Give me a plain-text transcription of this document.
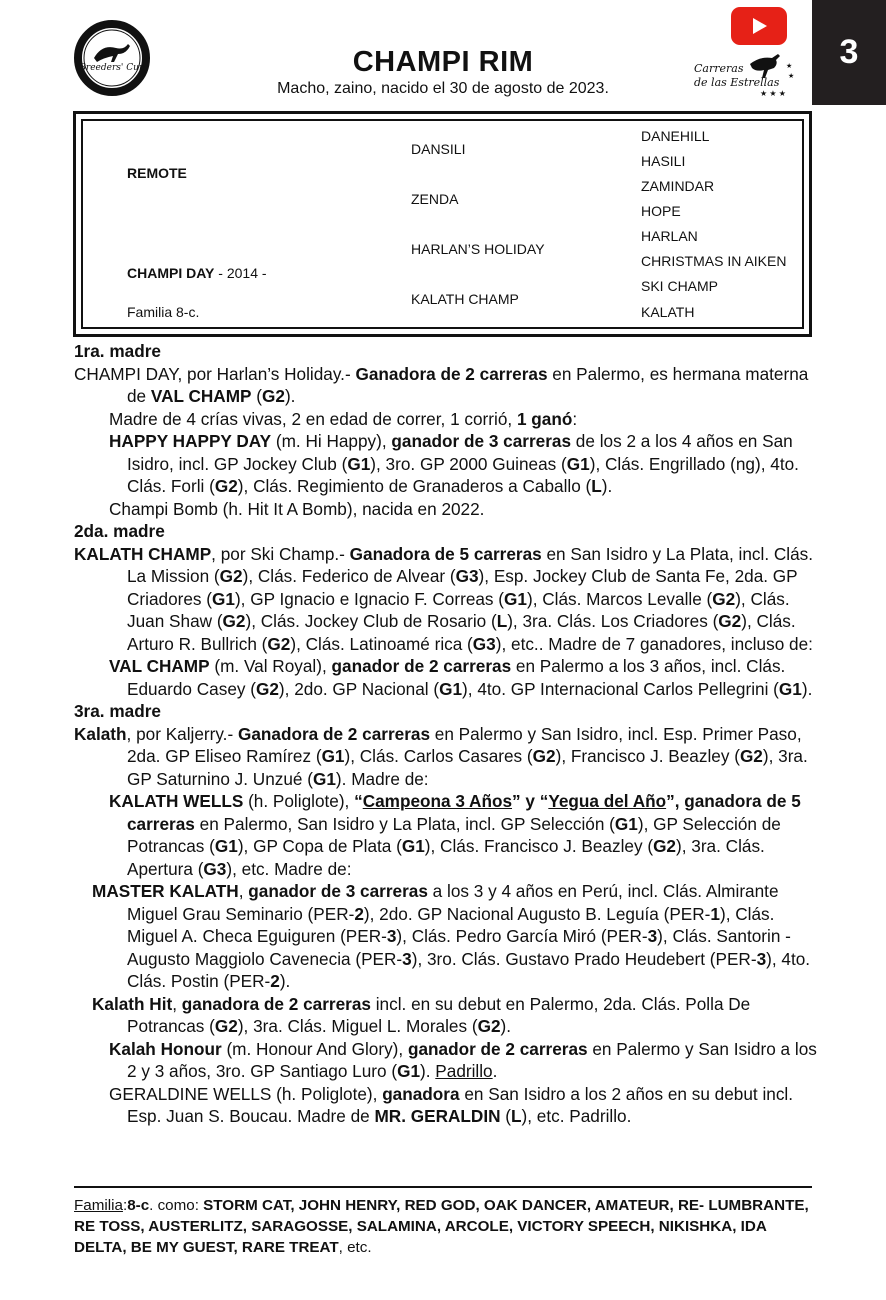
3
Breeders' Cup	CHAMPI RIM
Macho, zaino, nacido el 30 de agosto de 2023.
Carreras
de las Estrellas
★ ★ ★
★
★
REMOTE
CHAMPI DAY - 2014 -
Familia 8-c.
DANSILI
ZENDA
HARLAN’S HOLIDAY
KALATH CHAMP
DANEHILL
HASILI
ZAMINDAR
HOPE
HARLAN
CHRISTMAS IN AIKEN
SKI CHAMP
KALATH

1ra. madre

CHAMPI DAY, por Harlan’s Holiday.- Ganadora de 2 carreras en Palermo, es hermana materna de VAL CHAMP (G2).

Madre de 4 crías vivas, 2 en edad de correr, 1 corrió, 1 ganó:

HAPPY HAPPY DAY (m. Hi Happy), ganador de 3 carreras de los 2 a los 4 años en San Isidro, incl. GP Jockey Club (G1), 3ro. GP 2000 Guineas (G1), Clás. Engrillado (ng), 4to. Clás. Forli (G2), Clás. Regimiento de Granaderos a Caballo (L).

Champi Bomb (h. Hit It A Bomb), nacida en 2022.

2da. madre

KALATH CHAMP, por Ski Champ.- Ganadora de 5 carreras en San Isidro y La Plata, incl. Clás. La Mission (G2), Clás. Federico de Alvear (G3), Esp. Jockey Club de Santa Fe, 2da. GP Criadores (G1), GP Ignacio e Ignacio F. Correas (G1), Clás. Marcos Levalle (G2), Clás. Juan Shaw (G2), Clás. Jockey Club de Rosario (L), 3ra. Clás. Los Criadores (G2), Clás. Arturo R. Bullrich (G2), Clás. Latinoamé rica (G3), etc.. Madre de 7 ganadores, incluso de:

VAL CHAMP (m. Val Royal), ganador de 2 carreras en Palermo a los 3 años, incl. Clás. Eduardo Casey (G2), 2do. GP Nacional (G1), 4to. GP Internacional Carlos Pellegrini (G1).

3ra. madre

Kalath, por Kaljerry.- Ganadora de 2 carreras en Palermo y San Isidro, incl. Esp. Primer Paso, 2da. GP Eliseo Ramírez (G1), Clás. Carlos Casares (G2), Francisco J. Beazley (G2), 3ra. GP Saturnino J. Unzué (G1). Madre de:

KALATH WELLS (h. Poliglote), “Campeona 3 Años” y “Yegua del Año”, ganadora de 5 carreras en Palermo, San Isidro y La Plata, incl. GP Selección (G1), GP Selección de Potrancas (G1), GP Copa de Plata (G1), Clás. Francisco J. Beazley (G2), 3ra. Clás. Apertura (G3), etc. Madre de:

MASTER KALATH, ganador de 3 carreras a los 3 y 4 años en Perú, incl. Clás. Almirante Miguel Grau Seminario (PER-2), 2do. GP Nacional Augusto B. Leguía (PER-1), Clás. Miguel A. Checa Eguiguren (PER-3), Clás. Pedro García Miró (PER-3), Clás. Santorin - Augusto Maggiolo Cavenecia (PER-3), 3ro. Clás. Gustavo Prado Heudebert (PER-3), 4to. Clás. Postin (PER-2).

Kalath Hit, ganadora de 2 carreras incl. en su debut en Palermo, 2da. Clás. Polla De Potrancas (G2), 3ra. Clás. Miguel L. Morales (G2).

Kalah Honour (m. Honour And Glory), ganador de 2 carreras en Palermo y San Isidro a los 2 y 3 años, 3ro. GP Santiago Luro (G1). Padrillo.

GERALDINE WELLS (h. Poliglote), ganadora en San Isidro a los 2 años en su debut incl. Esp. Juan S. Boucau. Madre de MR. GERALDIN (L), etc. Padrillo.

Familia:8-c. como: STORM CAT, JOHN HENRY, RED GOD, OAK DANCER, AMATEUR, RE- LUMBRANTE, RE TOSS, AUSTERLITZ, SARAGOSSE, SALAMINA, ARCOLE, VICTORY SPEECH, NIKISHKA, IDA DELTA, BE MY GUEST, RARE TREAT, etc.
